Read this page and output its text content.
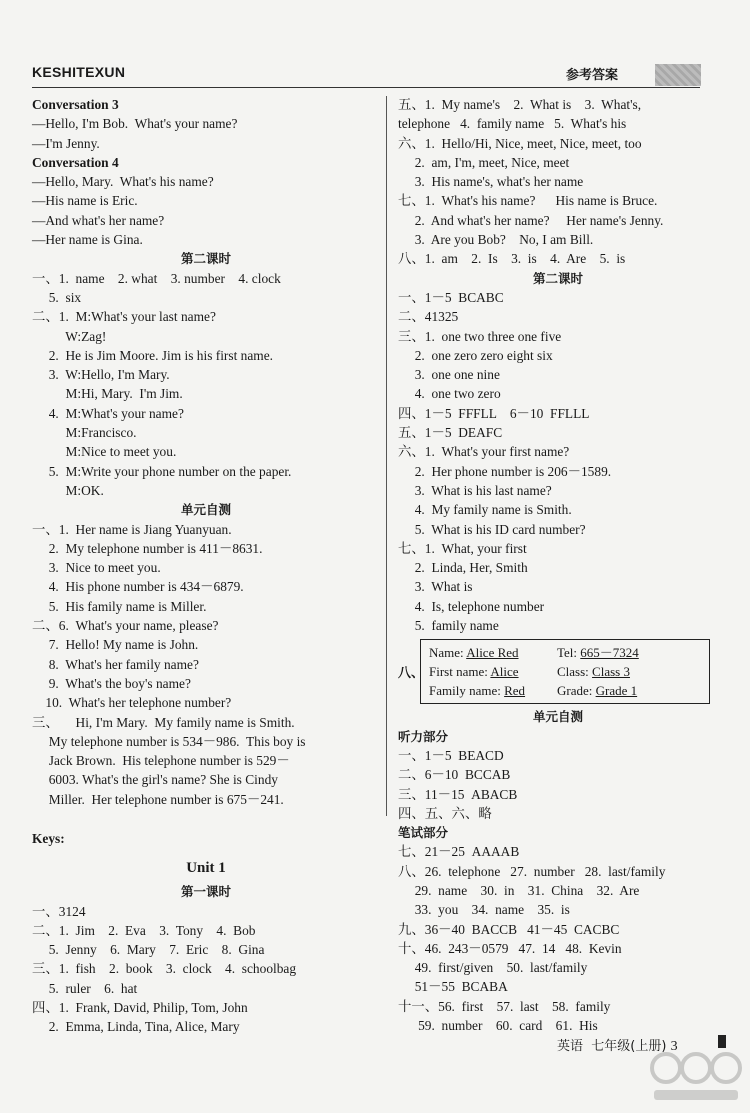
KESHITEXUN	参考答案
Conversation 3
—Hello, I'm Bob.  What's your name?
—I'm Jenny.
Conversation 4
—Hello, Mary.  What's his name?
—His name is Eric.
—And what's her name?
—Her name is Gina.
第二课时
一、1.  name    2. what    3. number    4. clock
5.  six
二、1.  M:What's your last name?
W:Zag!
2.  He is Jim Moore. Jim is his first name.
3.  W:Hello, I'm Mary.
M:Hi, Mary.  I'm Jim.
4.  M:What's your name?
M:Francisco.
M:Nice to meet you.
5.  M:Write your phone number on the paper.
M:OK.
单元自测
一、1.  Her name is Jiang Yuanyuan.
2.  My telephone number is 411－8631.
3.  Nice to meet you.
4.  His phone number is 434－6879.
5.  His family name is Miller.
二、6.  What's your name, please?
7.  Hello! My name is John.
8.  What's her family name?
9.  What's the boy's name?
10.  What's her telephone number?
三、     Hi, I'm Mary.  My family name is Smith.
My telephone number is 534－986.  This boy is
Jack Brown.  His telephone number is 529－
6003. What's the girl's name? She is Cindy
Miller.  Her telephone number is 675－241.
Keys:
Unit 1
第一课时
一、3124
二、1.  Jim    2.  Eva    3.  Tony    4.  Bob
5.  Jenny    6.  Mary    7.  Eric    8.  Gina
三、1.  fish    2.  book    3.  clock    4.  schoolbag
5.  ruler    6.  hat
四、1.  Frank, David, Philip, Tom, John
2.  Emma, Linda, Tina, Alice, Mary
五、1.  My name's    2.  What is    3.  What's,
telephone   4.  family name   5.  What's his
六、1.  Hello/Hi, Nice, meet, Nice, meet, too
2.  am, I'm, meet, Nice, meet
3.  His name's, what's her name
七、1.  What's his name?      His name is Bruce.
2.  And what's her name?     Her name's Jenny.
3.  Are you Bob?    No, I am Bill.
八、1.  am    2.  Is    3.  is    4.  Are    5.  is
第二课时
一、1－5  BCABC
二、41325
三、1.  one two three one five
2.  one zero zero eight six
3.  one one nine
4.  one two zero
四、1－5  FFFLL    6－10  FFLLL
五、1－5  DEAFC
六、1.  What's your first name?
2.  Her phone number is 206－1589.
3.  What is his last name?
4.  My family name is Smith.
5.  What is his ID card number?
七、1.  What, your first
2.  Linda, Her, Smith
3.  What is
4.  Is, telephone number
5.  family name
八、
Name: Alice Red	Tel: 665－7324
First name: Alice	Class: Class 3
Family name: Red	Grade: Grade 1
单元自测
听力部分
一、1－5  BEACD
二、6－10  BCCAB
三、11－15  ABACB
四、五、六、略
笔试部分
七、21－25  AAAAB
八、26.  telephone   27.  number   28.  last/family
29.  name    30.  in    31.  China    32.  Are
33.  you    34.  name    35.  is
九、36－40  BACCB   41－45  CACBC
十、46.  243－0579   47.  14   48.  Kevin
49.  first/given    50.  last/family
51－55  BCABA
十一、56.  first    57.  last    58.  family
59.  number    60.  card    61.  His
英语 七年级(上册) 3
